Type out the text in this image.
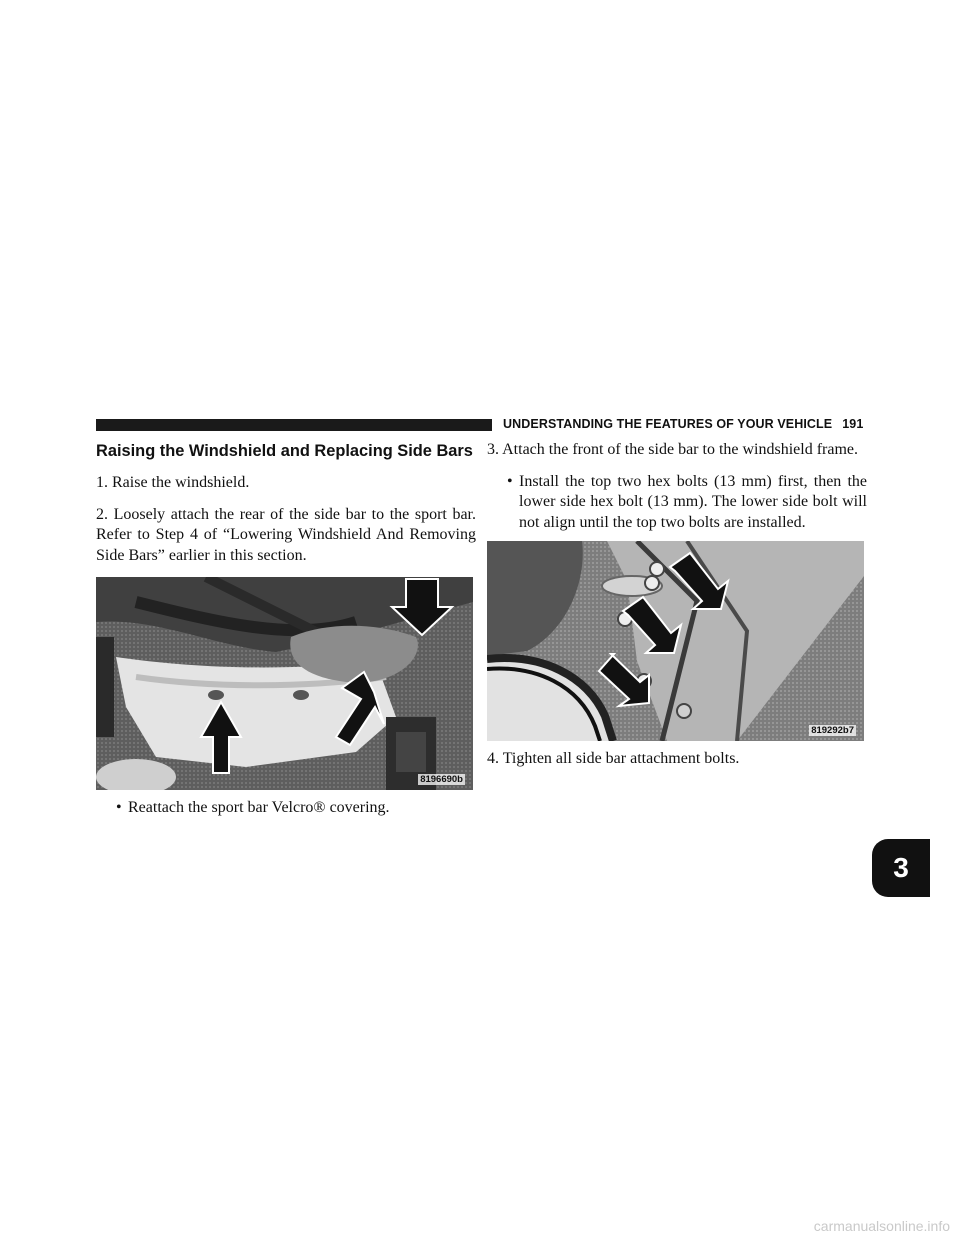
UNDERSTANDING THE FEATURES OF YOUR VEHICLE 191
3
Raising the Windshield and Replacing Side Bars

1. Raise the windshield.

2. Loosely attach the rear of the side bar to the sport bar. Refer to Step 4 of “Lowering Windshield And Removing Side Bars” earlier in this section.

8196690b
• Reattach the sport bar Velcro® covering.

3. Attach the front of the side bar to the windshield frame.

• Install the top two hex bolts (13 mm) first, then the lower side hex bolt (13 mm). The lower side bolt will not align until the top two bolts are installed.
819292b7

4. Tighten all side bar attachment bolts.

carmanualsonline.info
